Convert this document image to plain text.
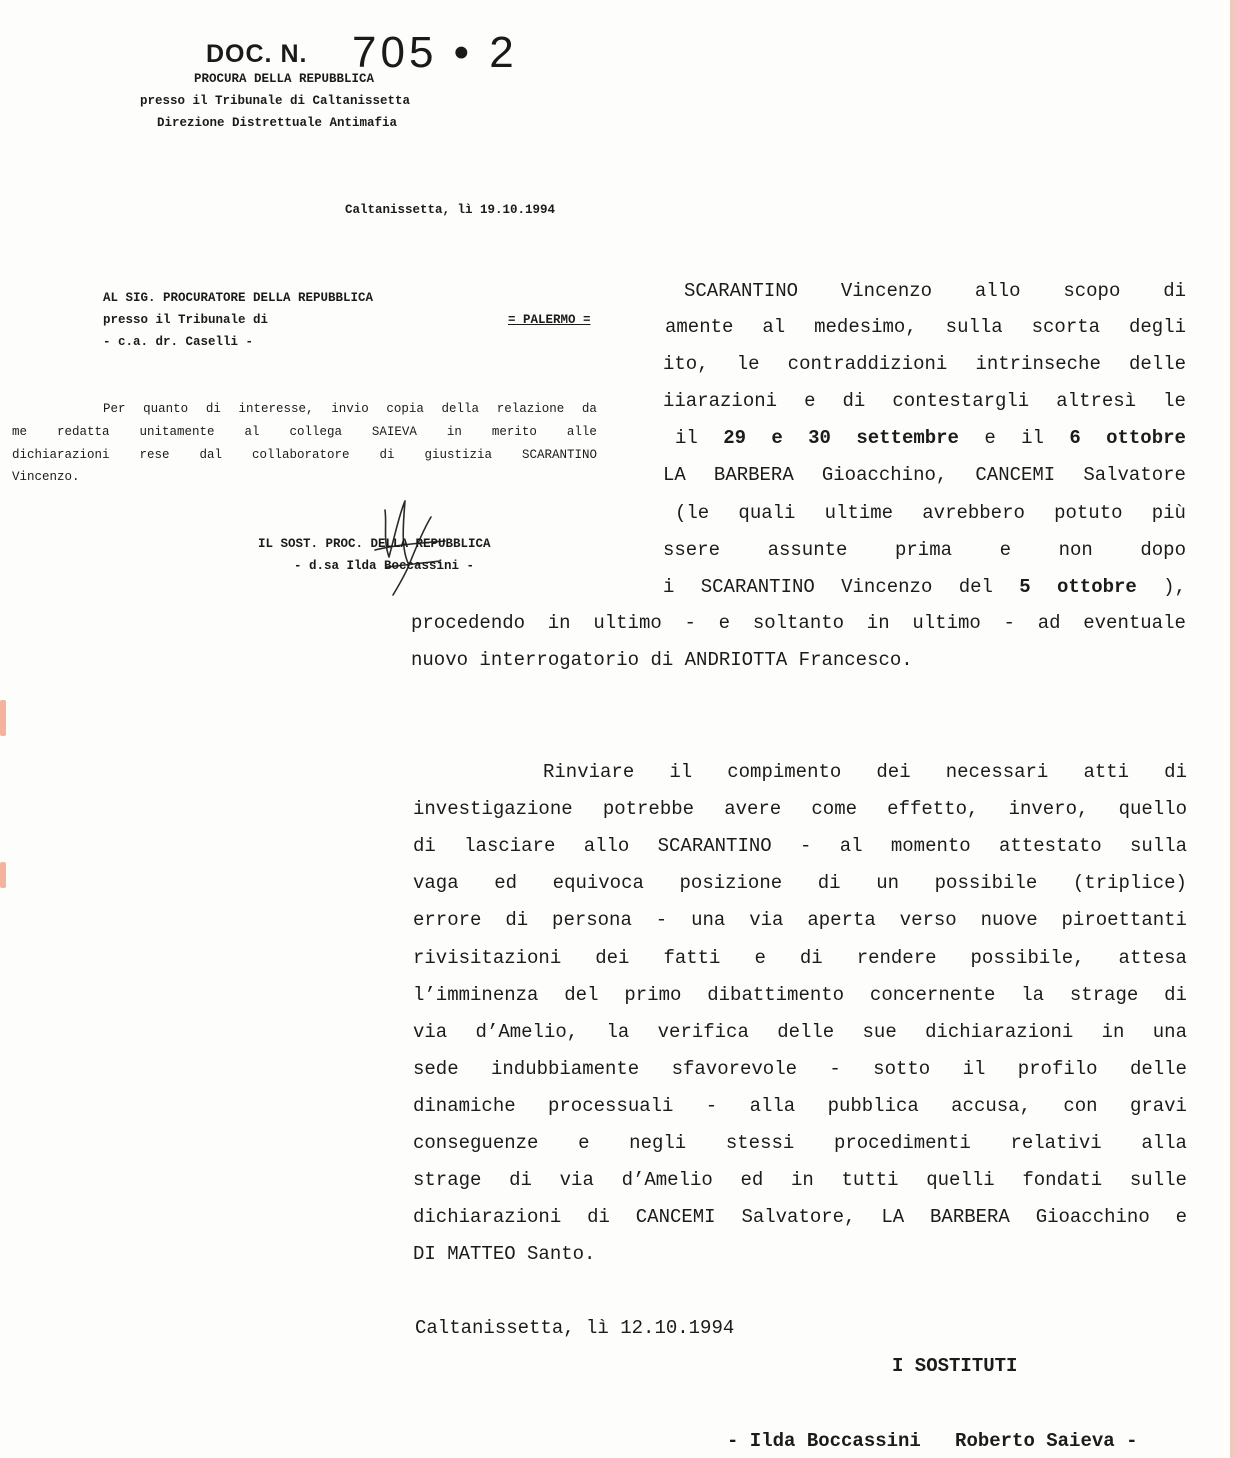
DOC. N. 705 • 2
PROCURA DELLA REPUBBLICA
presso il Tribunale di Caltanissetta
Direzione Distrettuale Antimafia
Caltanissetta, lì 19.10.1994
AL SIG. PROCURATORE DELLA REPUBBLICA
presso il Tribunale di	= PALERMO =
- c.a. dr. Caselli -
Per quanto di interesse, invio copia della relazione da
me redatta unitamente al collega SAIEVA in merito alle
dichiarazioni rese dal collaboratore di giustizia SCARANTINO
Vincenzo.
IL SOST. PROC. DELLA REPUBBLICA
- d.sa Ilda Boccassini -
SCARANTINO Vincenzo allo scopo di
amente al medesimo, sulla scorta degli
ito, le contraddizioni intrinseche delle
iiarazioni e di contestargli altresì le
il 29 e 30 settembre e il 6 ottobre
LA BARBERA Gioacchino, CANCEMI Salvatore
(le quali ultime avrebbero potuto più
ssere	assunte	prima	e	non	dopo
i SCARANTINO Vincenzo del 5 ottobre ),
procedendo in ultimo - e soltanto in ultimo - ad eventuale
nuovo interrogatorio di ANDRIOTTA Francesco.
Rinviare il compimento dei necessari atti di
investigazione potrebbe avere come effetto, invero, quello
di lasciare allo SCARANTINO - al momento attestato sulla
vaga ed equivoca posizione di un possibile (triplice)
errore di persona - una via aperta verso nuove piroettanti
rivisitazioni dei fatti e di rendere possibile, attesa
l’imminenza del primo dibattimento concernente la strage di
via d’Amelio, la verifica delle sue dichiarazioni in una
sede indubbiamente sfavorevole - sotto il profilo delle
dinamiche processuali - alla pubblica accusa, con gravi
conseguenze e negli stessi procedimenti relativi alla
strage di via d’Amelio ed in tutti quelli fondati sulle
dichiarazioni di CANCEMI Salvatore, LA BARBERA Gioacchino e
DI MATTEO Santo.
Caltanissetta, lì 12.10.1994
I SOSTITUTI
- Ilda Boccassini   Roberto Saieva -
